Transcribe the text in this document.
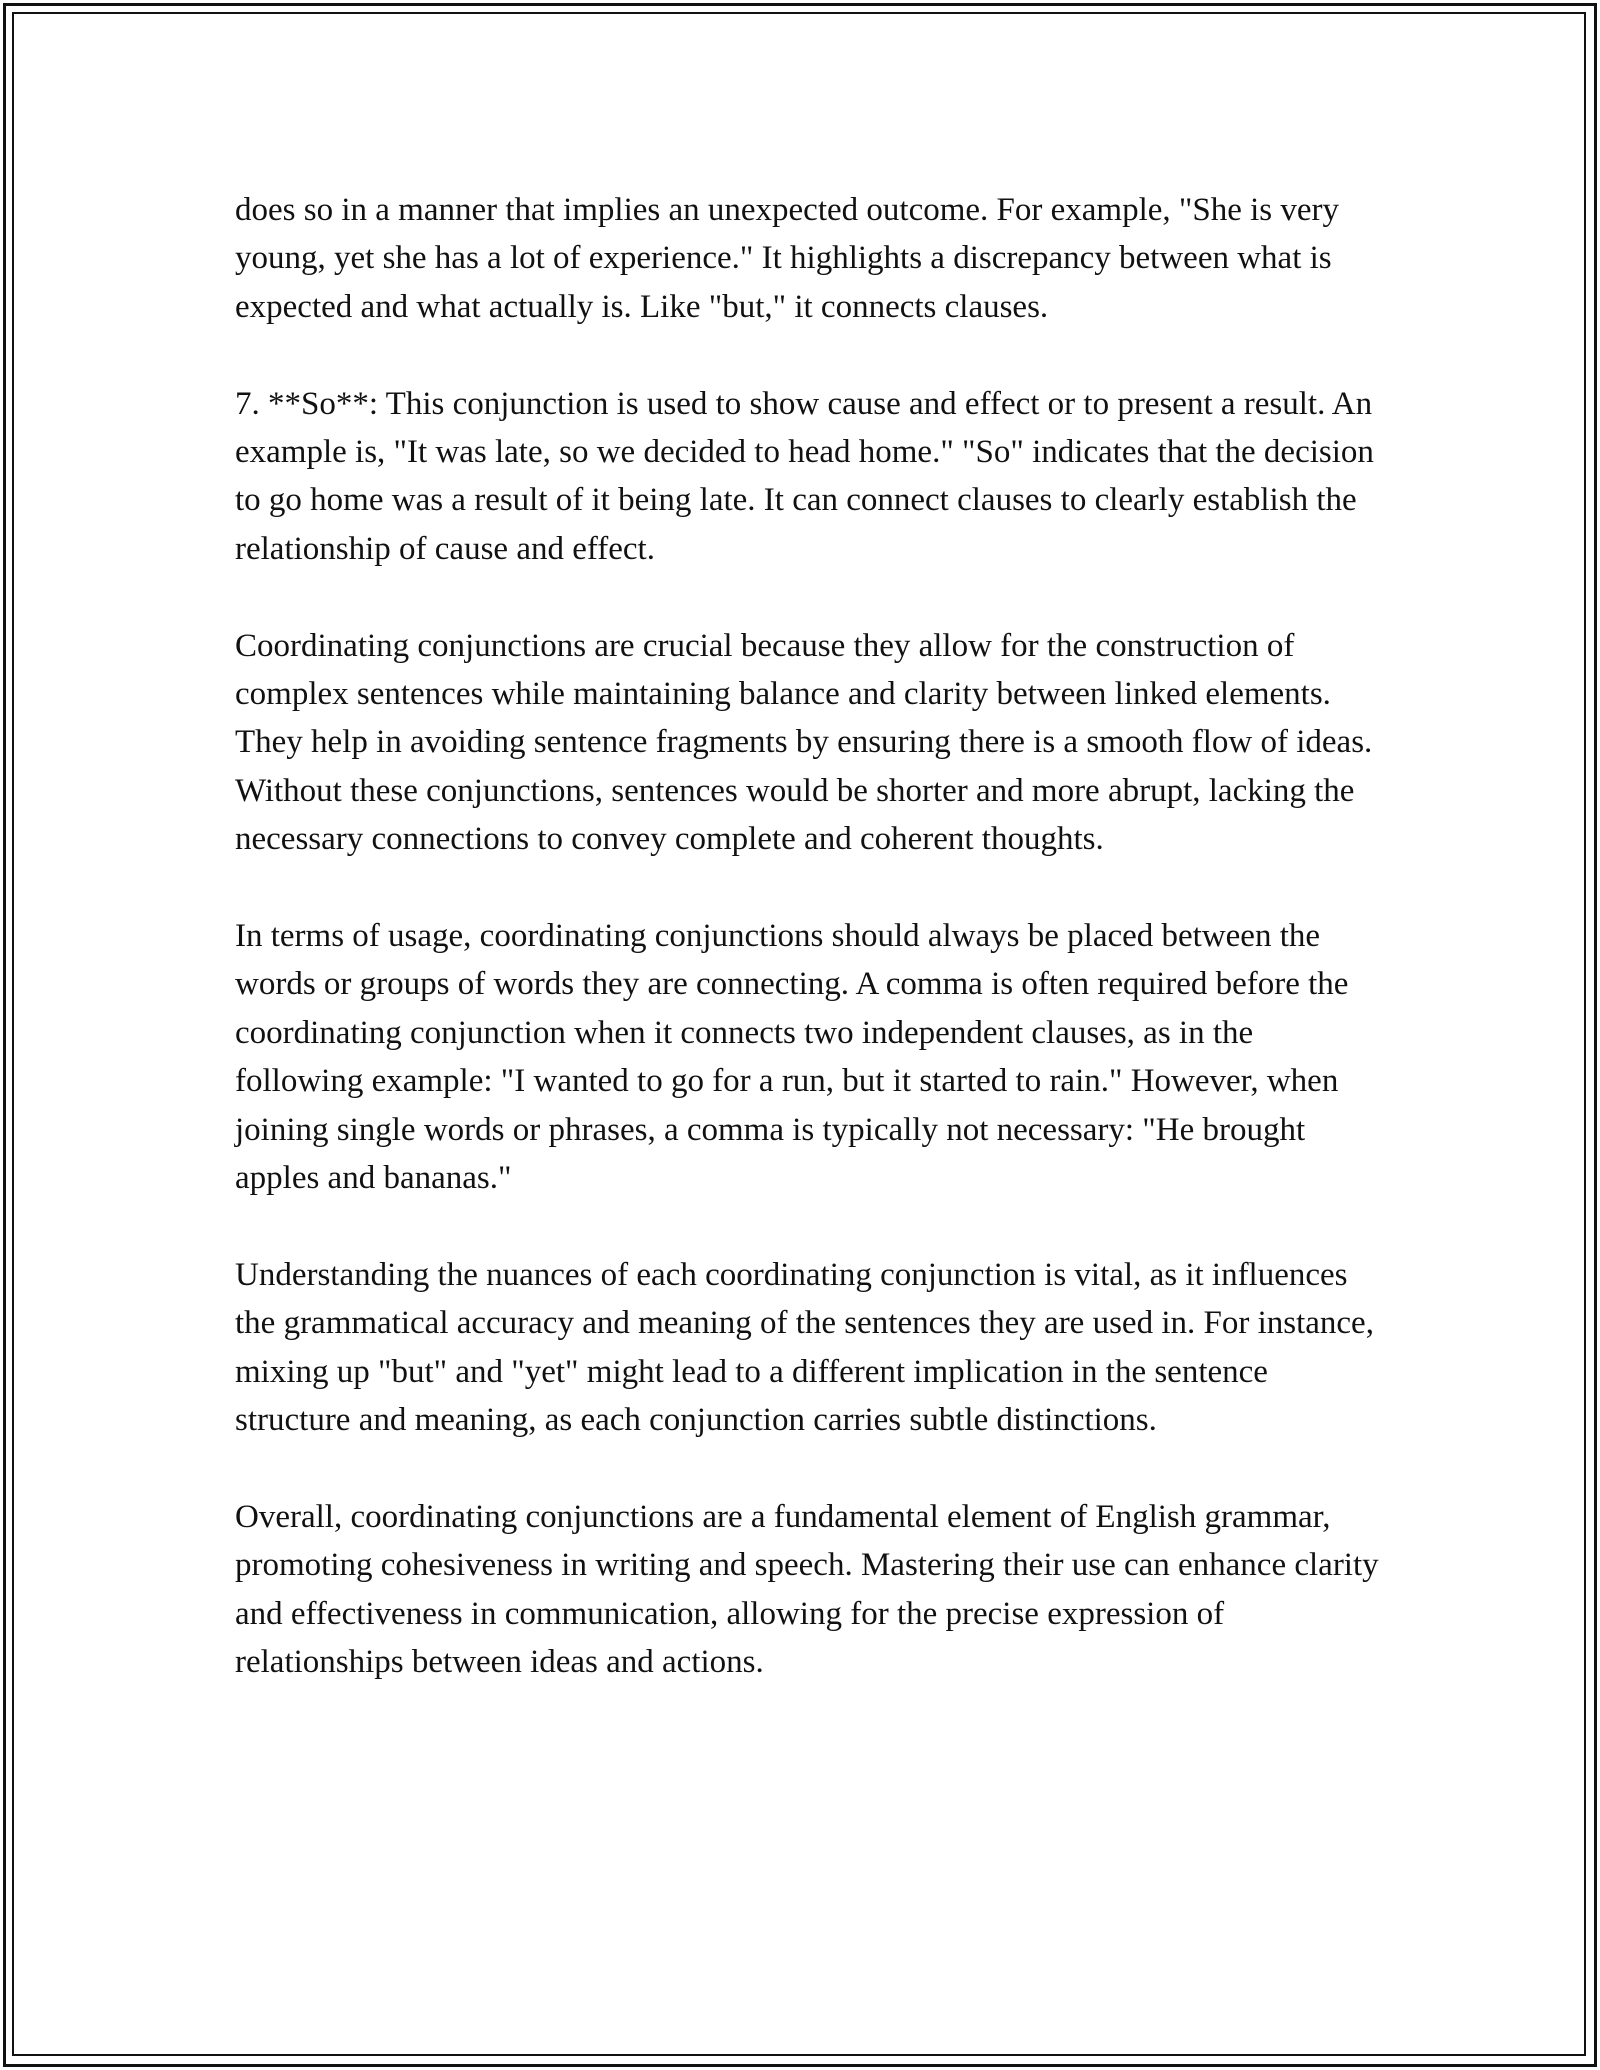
does so in a manner that implies an unexpected outcome. For example, "She is very young, yet she has a lot of experience." It highlights a discrepancy between what is expected and what actually is. Like "but," it connects clauses.

7. **So**: This conjunction is used to show cause and effect or to present a result. An example is, "It was late, so we decided to head home." "So" indicates that the decision to go home was a result of it being late. It can connect clauses to clearly establish the relationship of cause and effect.

Coordinating conjunctions are crucial because they allow for the construction of complex sentences while maintaining balance and clarity between linked elements. They help in avoiding sentence fragments by ensuring there is a smooth flow of ideas. Without these conjunctions, sentences would be shorter and more abrupt, lacking the necessary connections to convey complete and coherent thoughts.

In terms of usage, coordinating conjunctions should always be placed between the words or groups of words they are connecting. A comma is often required before the coordinating conjunction when it connects two independent clauses, as in the following example: "I wanted to go for a run, but it started to rain." However, when joining single words or phrases, a comma is typically not necessary: "He brought apples and bananas."

Understanding the nuances of each coordinating conjunction is vital, as it influences the grammatical accuracy and meaning of the sentences they are used in. For instance, mixing up "but" and "yet" might lead to a different implication in the sentence structure and meaning, as each conjunction carries subtle distinctions.

Overall, coordinating conjunctions are a fundamental element of English grammar, promoting cohesiveness in writing and speech. Mastering their use can enhance clarity and effectiveness in communication, allowing for the precise expression of relationships between ideas and actions.
